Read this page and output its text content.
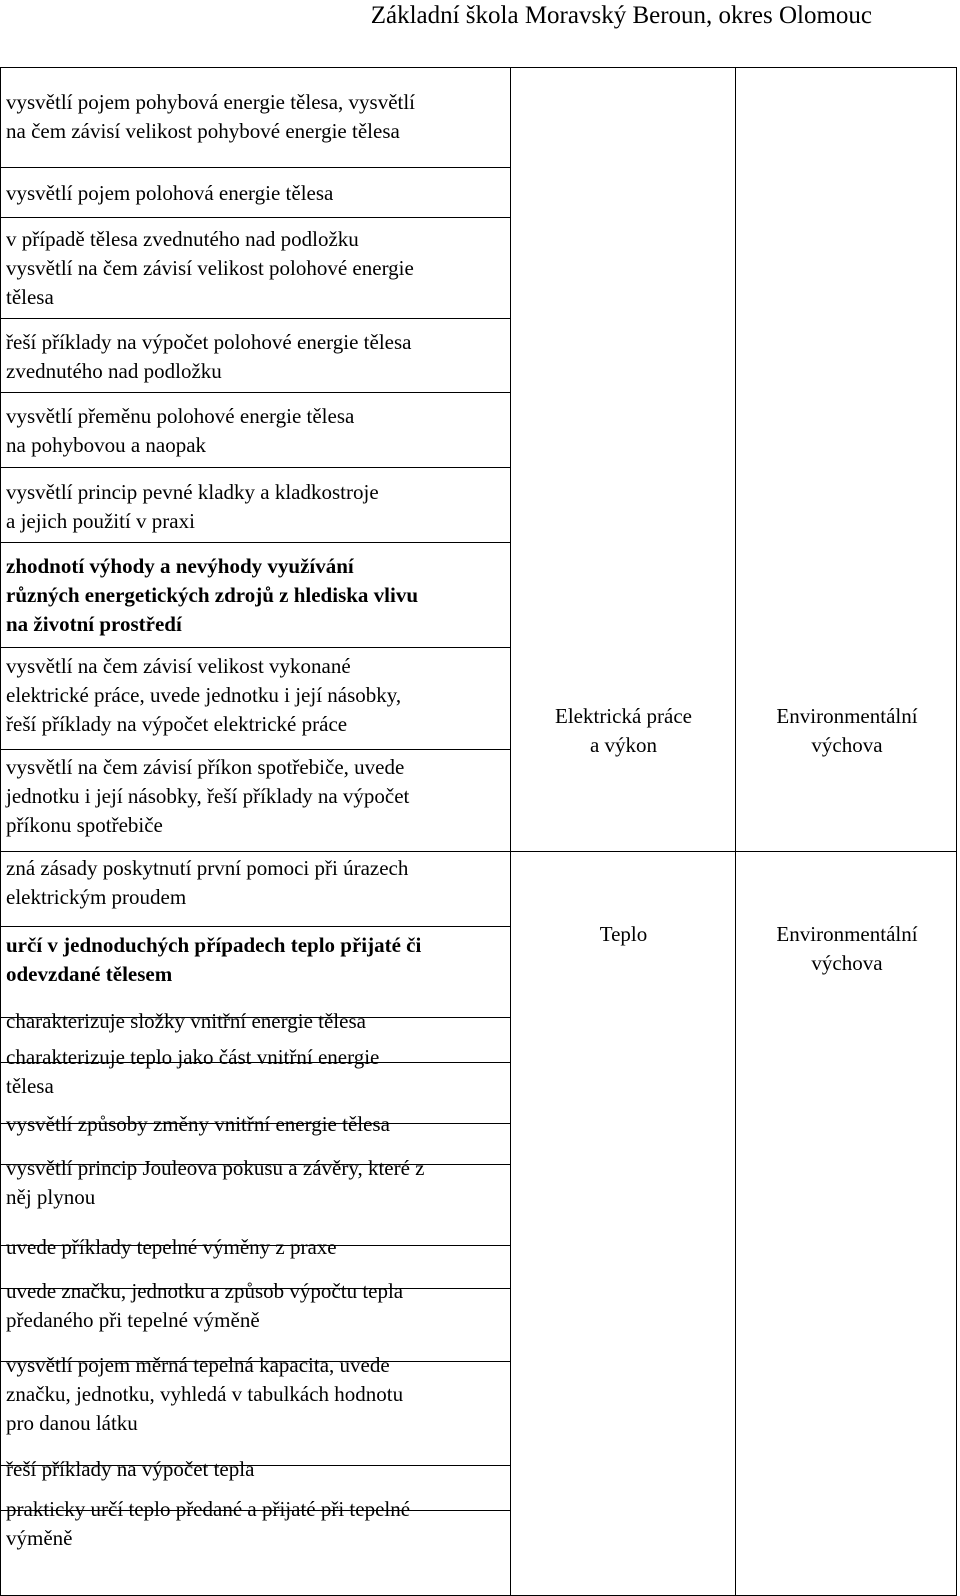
Základní škola Moravský Beroun, okres Olomouc
vysvětlí pojem pohybová energie tělesa, vysvětlí
na čem závisí velikost pohybové energie tělesa
vysvětlí pojem polohová energie tělesa
v případě tělesa zvednutého nad podložku
vysvětlí na čem závisí velikost polohové energie
tělesa
řeší příklady na výpočet polohové energie tělesa
zvednutého nad podložku
vysvětlí přeměnu polohové energie tělesa
na pohybovou a naopak
vysvětlí princip pevné kladky a kladkostroje
a jejich použití v praxi
zhodnotí výhody a nevýhody využívání
různých energetických zdrojů z hlediska vlivu
na životní prostředí
vysvětlí na čem závisí velikost vykonané
elektrické práce, uvede jednotku i její násobky,
řeší příklady na výpočet elektrické práce
vysvětlí na čem závisí příkon spotřebiče, uvede
jednotku i její násobky, řeší příklady na výpočet
příkonu spotřebiče
zná zásady poskytnutí první pomoci při úrazech
elektrickým proudem
určí v jednoduchých případech teplo přijaté či
odevzdané tělesem
charakterizuje složky vnitřní energie tělesa
charakterizuje teplo jako část vnitřní energie
tělesa
vysvětlí způsoby změny vnitřní energie tělesa
vysvětlí princip Jouleova pokusu a závěry, které z
něj plynou
uvede příklady tepelné výměny z praxe
uvede značku, jednotku a způsob výpočtu tepla
předaného při tepelné výměně
vysvětlí pojem měrná tepelná kapacita, uvede
značku, jednotku, vyhledá v tabulkách hodnotu
pro danou látku
řeší příklady na výpočet tepla
prakticky určí teplo předané a přijaté při tepelné
výměně
Elektrická práce
a výkon
Environmentální
výchova
Teplo	Environmentální
výchova
